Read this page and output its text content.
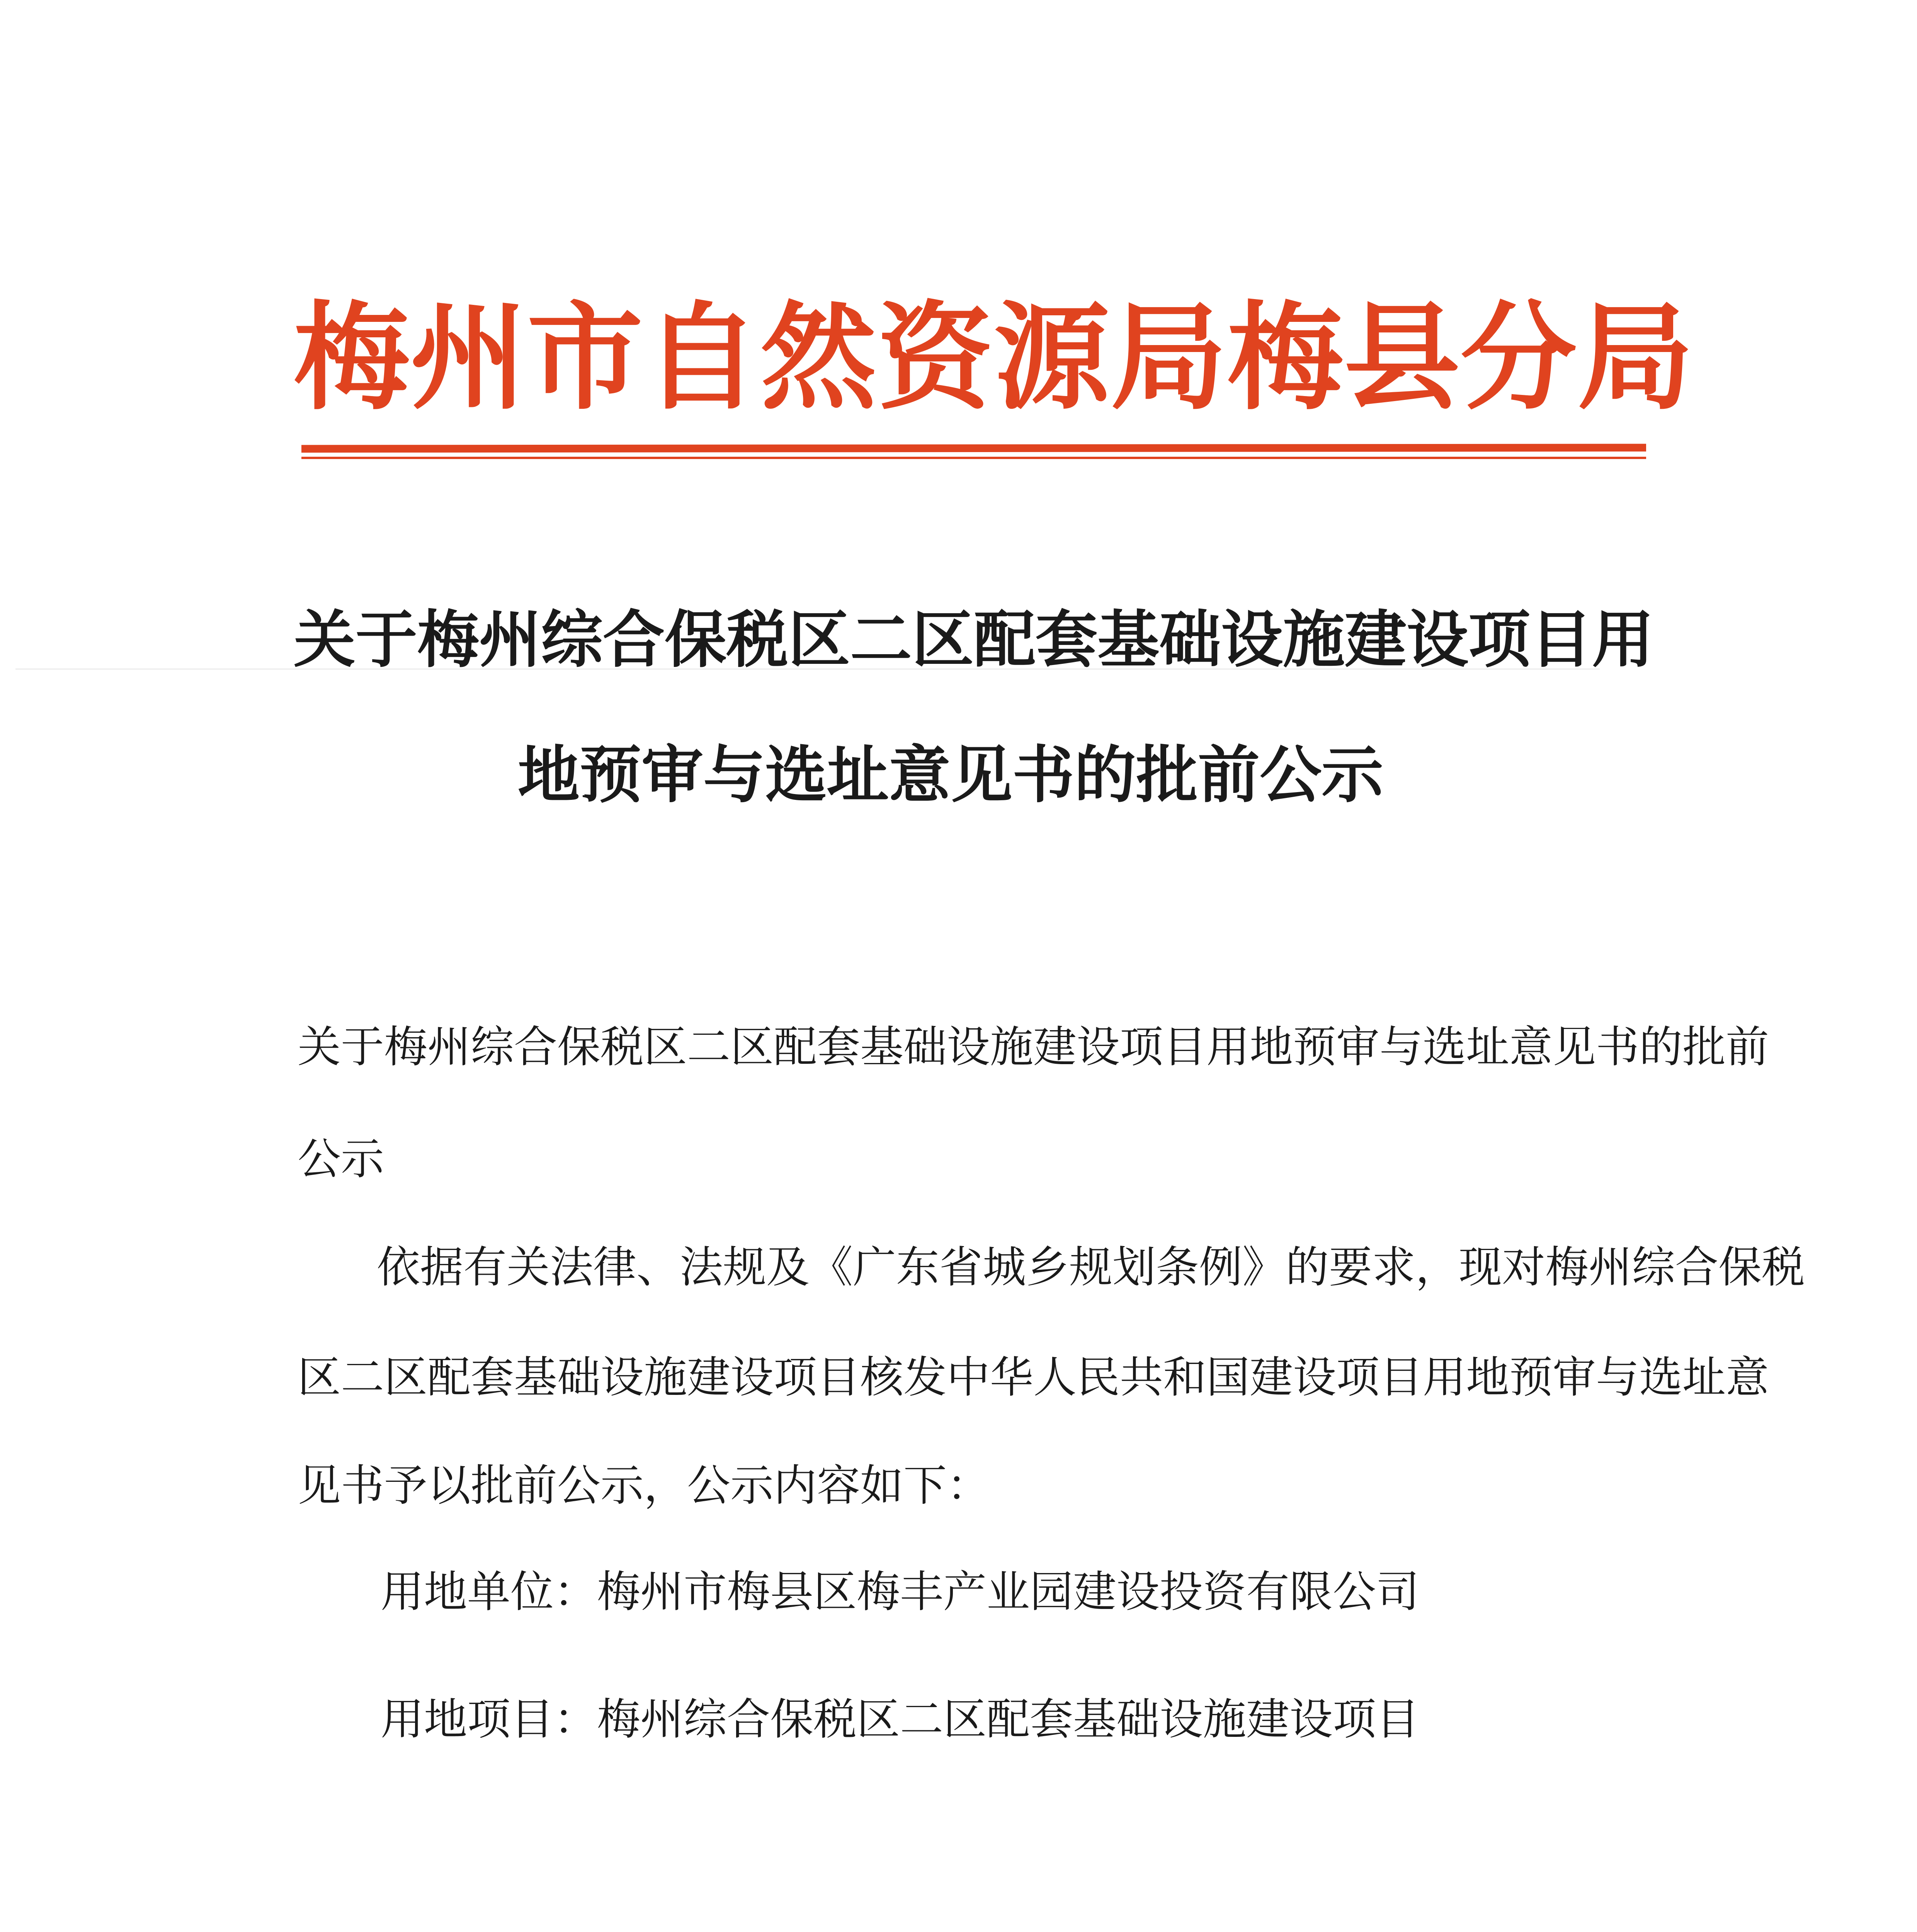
梅州市自然资源局梅县分局
关于梅州综合保税区二区配套基础设施建设项目用
地预审与选址意见书的批前公示
关于梅州综合保税区二区配套基础设施建设项目用地预审与选址意见书的批前
公示
依据有关法律、法规及《广东省城乡规划条例》的要求，现对梅州综合保税
区二区配套基础设施建设项目核发中华人民共和国建设项目用地预审与选址意
见书予以批前公示，公示内容如下：
用地单位：梅州市梅县区梅丰产业园建设投资有限公司
用地项目：梅州综合保税区二区配套基础设施建设项目
